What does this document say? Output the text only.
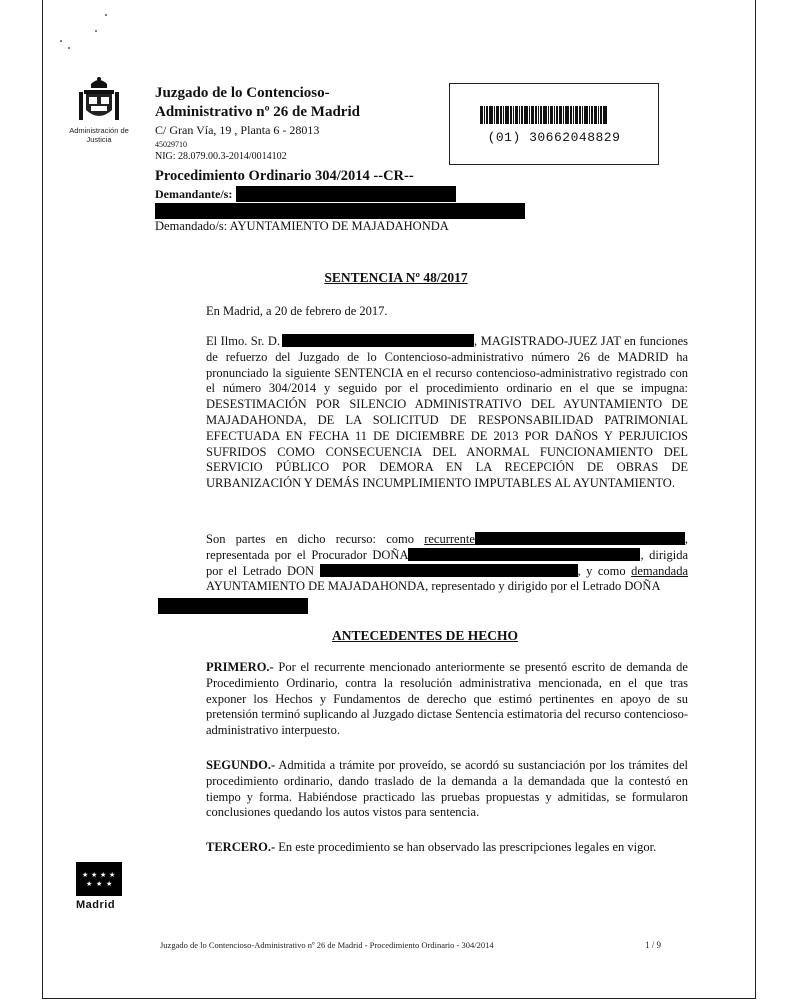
Administración de Justicia
Juzgado de lo Contencioso-
Administrativo nº 26 de Madrid
C/ Gran Vía, 19 , Planta 6 - 28013
45029710
NIG: 28.079.00.3-2014/0014102
Procedimiento Ordinario 304/2014 --CR--
Demandante/s:
Demandado/s: AYUNTAMIENTO DE MAJADAHONDA
(01) 30662048829
SENTENCIA Nº 48/2017
En Madrid, a 20 de febrero de 2017.

El Ilmo. Sr. D.	, MAGISTRADO-JUEZ JAT en funciones de refuerzo del Juzgado de lo Contencioso-administrativo número 26 de MADRID ha pronunciado la siguiente SENTENCIA en el recurso contencioso-administrativo registrado con el número 304/2014 y seguido por el procedimiento ordinario en el que se impugna: DESESTIMACIÓN POR SILENCIO ADMINISTRATIVO DEL AYUNTAMIENTO DE MAJADAHONDA, DE LA SOLICITUD DE RESPONSABILIDAD PATRIMONIAL EFECTUADA EN FECHA 11 DE DICIEMBRE DE 2013 POR DAÑOS Y PERJUICIOS SUFRIDOS COMO CONSECUENCIA DEL ANORMAL FUNCIONAMIENTO DEL SERVICIO PÚBLICO POR DEMORA EN LA RECEPCIÓN DE OBRAS DE URBANIZACIÓN Y DEMÁS INCUMPLIMIENTO IMPUTABLES AL AYUNTAMIENTO.

Son partes en dicho recurso: como recurrente	, representada por el Procurador DOÑA	, dirigida por el Letrado DON	, y como demandada AYUNTAMIENTO DE MAJADAHONDA, representado y dirigido por el Letrado DOÑA

ANTECEDENTES DE HECHO

PRIMERO.- Por el recurrente mencionado anteriormente se presentó escrito de demanda de Procedimiento Ordinario, contra la resolución administrativa mencionada, en el que tras exponer los Hechos y Fundamentos de derecho que estimó pertinentes en apoyo de su pretensión terminó suplicando al Juzgado dictase Sentencia estimatoria del recurso contencioso-administrativo interpuesto.

SEGUNDO.- Admitida a trámite por proveído, se acordó su sustanciación por los trámites del procedimiento ordinario, dando traslado de la demanda a la demandada que la contestó en tiempo y forma. Habiéndose practicado las pruebas propuestas y admitidas, se formularon conclusiones quedando los autos vistos para sentencia.

TERCERO.- En este procedimiento se han observado las prescripciones legales en vigor.

★ ★ ★ ★
★ ★ ★
Madrid
Juzgado de lo Contencioso-Administrativo nº 26 de Madrid - Procedimiento Ordinario - 304/2014	1 / 9
